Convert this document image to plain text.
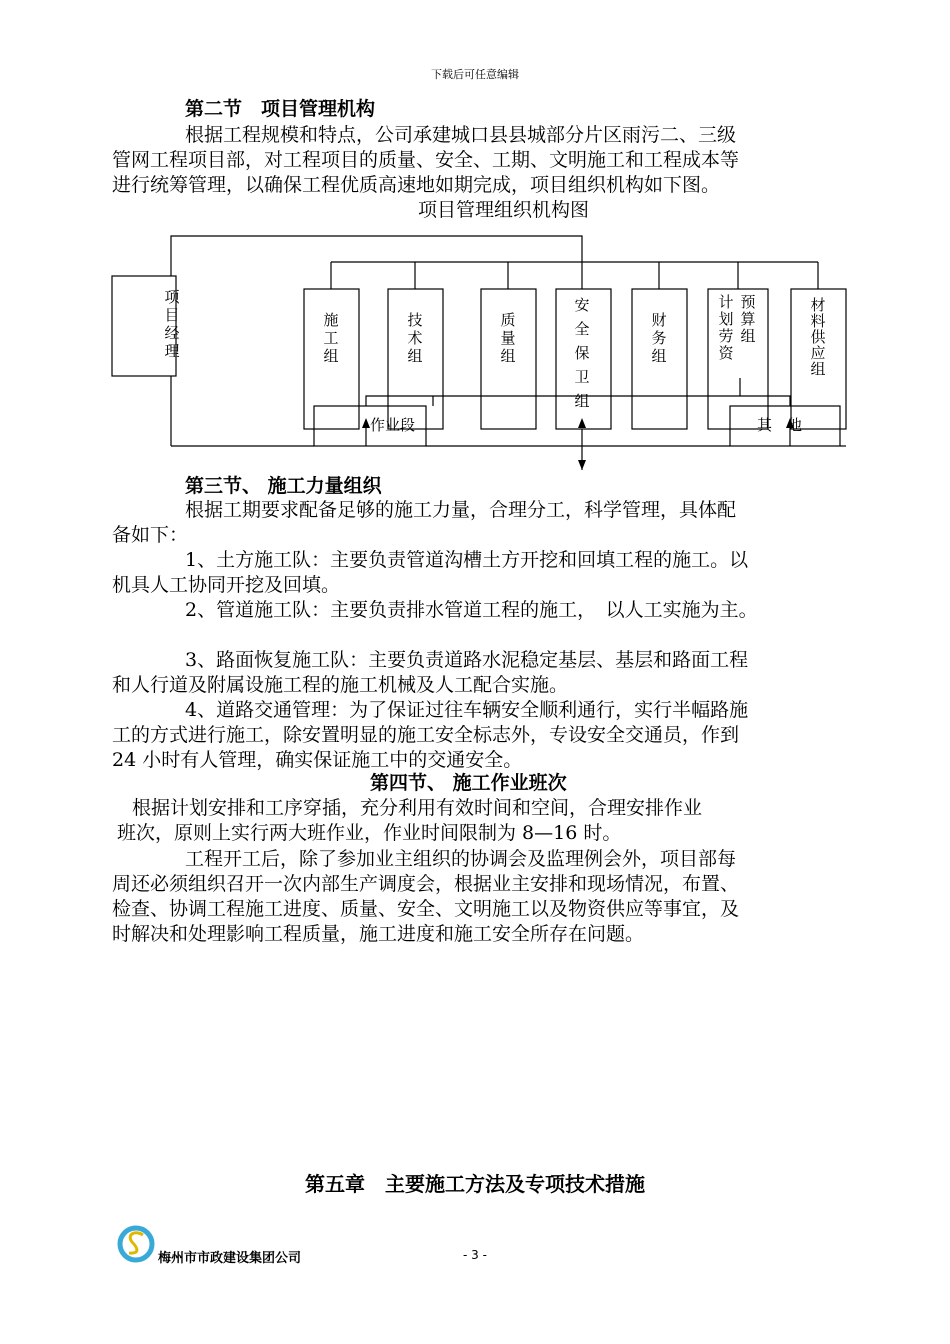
下载后可任意编辑
第二节　项目管理机构
根据工程规模和特点，公司承建城口县县城部分片区雨污二、三级
管网工程项目部，对工程项目的质量、安全、工期、文明施工和工程成本等
进行统筹管理，以确保工程优质高速地如期完成，项目组织机构如下图。
项目管理组织机构图
项
目
经
理
施
工
组
技
术
组
质
量
组
安
全
保
卫
组
财
务
组
材
料
供
应
组
计
划
劳
资
预
算
组
作业段	其　他
第三节、 施工力量组织
根据工期要求配备足够的施工力量，合理分工，科学管理，具体配
备如下：
1、土方施工队：主要负责管道沟槽土方开挖和回填工程的施工。以
机具人工协同开挖及回填。
2、管道施工队：主要负责排水管道工程的施工，　以人工实施为主。
3、路面恢复施工队：主要负责道路水泥稳定基层、基层和路面工程
和人行道及附属设施工程的施工机械及人工配合实施。
4、道路交通管理：为了保证过往车辆安全顺利通行，实行半幅路施
工的方式进行施工，除安置明显的施工安全标志外，专设安全交通员，作到
24 小时有人管理，确实保证施工中的交通安全。
第四节、 施工作业班次
根据计划安排和工序穿插，充分利用有效时间和空间，合理安排作业
班次，原则上实行两大班作业，作业时间限制为 8—16 时。
工程开工后，除了参加业主组织的协调会及监理例会外，项目部每
周还必须组织召开一次内部生产调度会，根据业主安排和现场情况，布置、
检查、协调工程施工进度、质量、安全、文明施工以及物资供应等事宜，及
时解决和处理影响工程质量，施工进度和施工安全所存在问题。
第五章　主要施工方法及专项技术措施
梅州市市政建设集团公司	- 3 -
